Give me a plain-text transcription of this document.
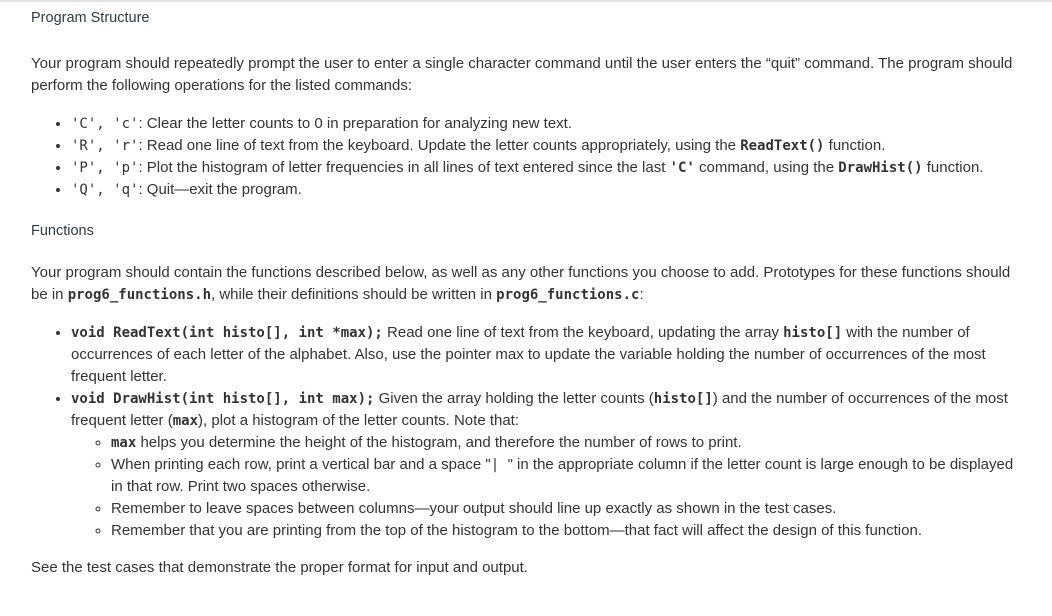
Program Structure

Your program should repeatedly prompt the user to enter a single character command until the user enters the “quit” command. The program should perform the following operations for the listed commands:

• 'C', 'c': Clear the letter counts to 0 in preparation for analyzing new text.
• 'R', 'r': Read one line of text from the keyboard. Update the letter counts appropriately, using the ReadText() function.
• 'P', 'p': Plot the histogram of letter frequencies in all lines of text entered since the last 'C' command, using the DrawHist() function.
• 'Q', 'q': Quit—exit the program.
Functions

Your program should contain the functions described below, as well as any other functions you choose to add. Prototypes for these functions should be in prog6_functions.h, while their definitions should be written in prog6_functions.c:

• void ReadText(int histo[], int *max); Read one line of text from the keyboard, updating the array histo[] with the number of occurrences of each letter of the alphabet. Also, use the pointer max to update the variable holding the number of occurrences of the most frequent letter.
• void DrawHist(int histo[], int max); Given the array holding the letter counts (histo[]) and the number of occurrences of the most frequent letter (max), plot a histogram of the letter counts. Note that:
◦ max helps you determine the height of the histogram, and therefore the number of rows to print.
◦ When printing each row, print a vertical bar and a space "| " in the appropriate column if the letter count is large enough to be displayed in that row. Print two spaces otherwise.
◦ Remember to leave spaces between columns—your output should line up exactly as shown in the test cases.
◦ Remember that you are printing from the top of the histogram to the bottom—that fact will affect the design of this function.

See the test cases that demonstrate the proper format for input and output.
